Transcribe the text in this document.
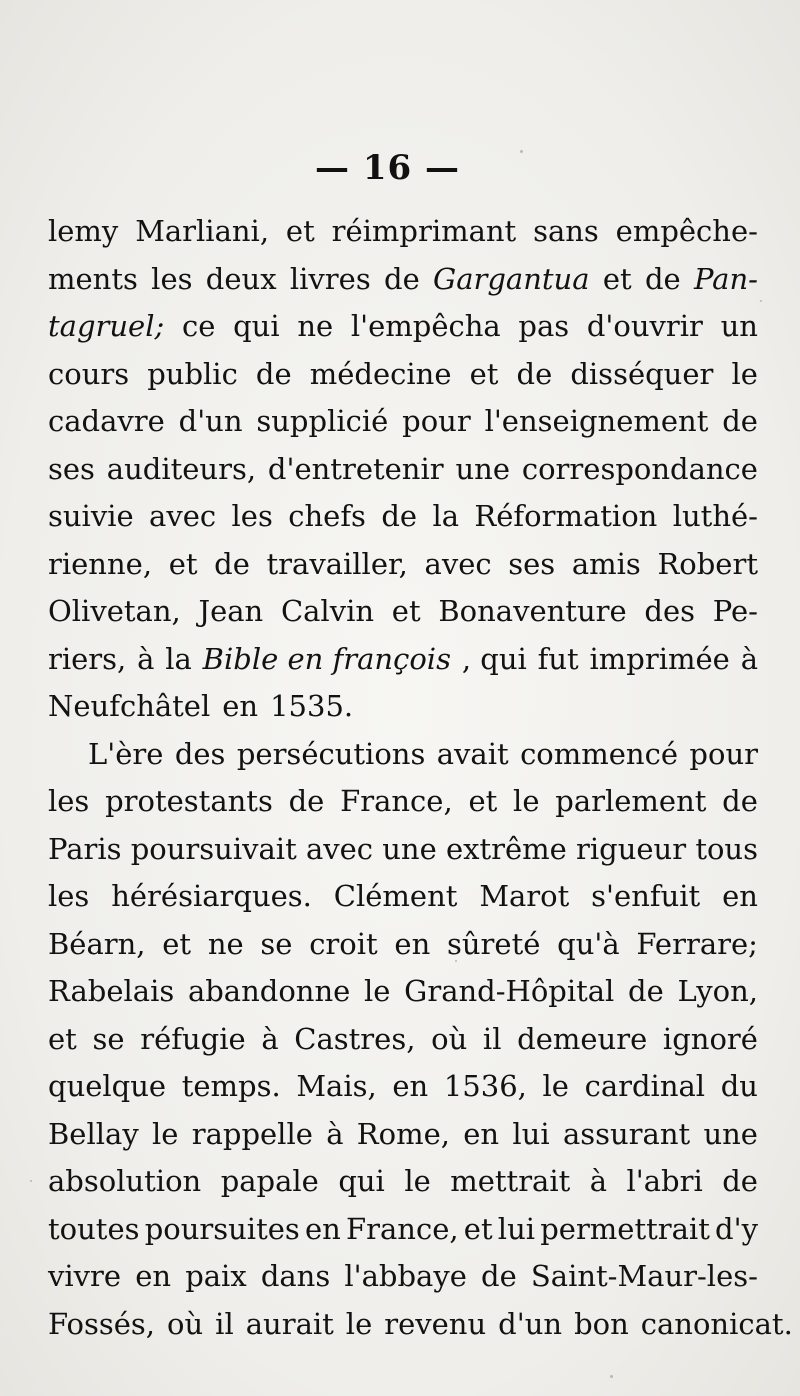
— 16 —
lemy Marliani, et réimprimant sans empêche-
ments les deux livres de Gargantua et de Pan-
tagruel; ce qui ne l'empêcha pas d'ouvrir un
cours public de médecine et de disséquer le
cadavre d'un supplicié pour l'enseignement de
ses auditeurs, d'entretenir une correspondance
suivie avec les chefs de la Réformation luthé-
rienne, et de travailler, avec ses amis Robert
Olivetan, Jean Calvin et Bonaventure des Pe-
riers, à la Bible en françois , qui fut imprimée à
Neufchâtel en 1535.
L'ère des persécutions avait commencé pour
les protestants de France, et le parlement de
Paris poursuivait avec une extrême rigueur tous
les hérésiarques. Clément Marot s'enfuit en
Béarn, et ne se croit en sûreté qu'à Ferrare;
Rabelais abandonne le Grand-Hôpital de Lyon,
et se réfugie à Castres, où il demeure ignoré
quelque temps. Mais, en 1536, le cardinal du
Bellay le rappelle à Rome, en lui assurant une
absolution papale qui le mettrait à l'abri de
toutes poursuites en France, et lui permettrait d'y
vivre en paix dans l'abbaye de Saint-Maur-les-
Fossés, où il aurait le revenu d'un bon canonicat.
